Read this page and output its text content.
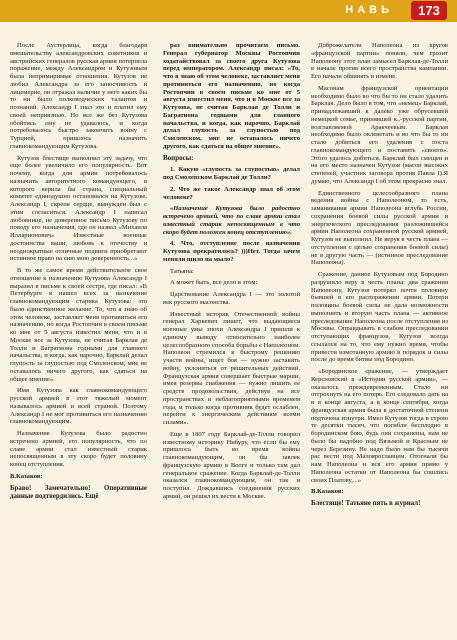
НАВЬ	173

После Аустерлица, когда благодаря вмешательству александровских советников и австрийских генералов русская армия потерпела поражение, между Александром и Кутузовым была непримиримые отношения. Кутузов не любил Александра за его заносчивость и лицемерие, он отражал наличие у него каких бы то ни было полководческих талантов и познаний. Александр I знал это и платил ему своей неприязнью. Но все же без Кутузова обойтись ему не удавалось, и когда потребовалось быстро закончить войну с Турцией, пришлось назначить главнокомандующим Кутузова.

Кутузов блестяще выполнил эту задачу, что еще более увеличило его популярность. Вот почему, когда для армии потребовалось назначить авторитетного командующего, в которого верила бы страна, специальный комитет единодушно остановился на Кутузове. Александр I, скрепя сердце, вынужден был с этим согласиться. Александр I написал любовнице, не доверенное письмо Кутузову по поводу его назначения, где он назвал «Михаила Илларионович» Известные военные достоинства ваши, любовь к отечеству и неоднократные отличные подвиги приобретают истинное право на сию мою доверенность...»

В то же самое время действительное свое отношение к назначению Кутузова Александр I выразил в письме к своей сестре, где писал: «В Петербурге я нашел всех за назначение главнокомандующим старика Кутузова: это было единственное желание. То, что я знаю об этом человеке, заставляет меня противиться его назначению, но когда Ростопчин в своем письме ко мне от 5 августа известил меня, что и в Москве все за Кутузова, не считая Барклая де Толли и Багратиона годными для главного начальства, и когда, как нарочно, Барклай делал глупость за глупостью под Смоленском, мне не оставалось ничего другого, как сдаться на общее мнение».

Имя Кутузова как главнокомандующего русской армией в этот тяжелый момент называлось армией и всей страной. Поэтому Александр I не мог противиться его назначению главнокомандующим.

Назначение Кутузова было радостно встречено армией, его популярность, что по славе армии стал известный старик непосвященным в эту скоро будет половину конец отступления.

В.Казаков:

Браво! Замечательно! Оперативные данные подтвердились. Ещё

раз внимательно прочитаем письмо. Генерал губернатор Москвы Ростопчин ходатайствовал за своего друга Кутузова перед императором. Александр писал: «То, что я знаю об этом человеке, заставляет меня противиться его назначению, но когда Ростопчин в своем письме ко мне от 5 августа известил меня, что и в Москве все за Кутузова, не считая Барклая де Толли и Багратиона годными для главного начальства, и когда, как нарочно, Барклай делал глупость за глупостью под Смоленском, мне не оставалось ничего другого, как сдаться на общее мнение».

Вопросы:

1. Какую «глупость за глупостью» делал под Смоленском Барклай де Толли?

2. Что же такое Александр знал об этом человеке?

«Назначение Кутузова было радостно встречено армией, что по славе армии стал известный старик непосвященным в что скоро будет положен конец отступлению».

4. Что, отступление после назначения Кутузова прекратилось? )))Нет. Тогда зачем меняли шило на мыло?

Татьяна:

А может быть, все дело в этом:

Царствование Александра I — это золотой век русского масонства.

Известный историк Отечественной войны генерал Харкевич пишет, что выдающиеся военные умы эпохи Александра I пришли к единому выводу относительно наиболее целесообразного способа борьбы с Наполеоном. Наполеон стремился к быстрому решению участи войны, ищет боя — нужно заставить войну, уклониться от решительных действий. Французская армия совершает быстрые марши, имея резервы снабжения — нужно лишить ее средств продовольствия, действуя на все пространствах и неблагоприятными временем года, и только когда противник будет ослаблен, перейти к энергическим действиям всеми силами».

Еще в 1807 году Барклай-де-Толли говорил известному историку Нибуру, что если бы ему пришлось быть во время войны главнокомандующим, он бы завлек французскую армию в Волге и только там дал генеральное сражение. Когда Барклай-де-Толли оказался главнокомандующим, он так и поступил. Дождавшись соединения русских армий, он решил их вести к Москве.

Доброжелатели Наполеона из кругов «французской партии» поняли, чем грозит Наполеону этот план замысел Барклая-де-Толли в начале против всего пространства кампании. Его начали обвинять в измене.

Масонам французской ориентации необходимо было во что бы то ни стало удалить Барклая. Дело было в том, что «немец» Барклай, принадлежавший к далеко уже обрусевшей немецкой семье, принявшей к..-русской партии, возглавляемой Аракчеевым. Барклая необходимо было оклеветать и во что бы то ни стало добиться его удаления с поста главнокомандующего и поставить «своего». Этого удалось добиться. Барклай был смещен и на его место назначен Кутузов (масон высоких степеней, участник заговора против Павла I).Я думаю, что Александр I об этом прекрасно знал.

Единственного целесообразного плана ведения войны с Наполеоном, то есть, заманивания армии Наполеона вглубь России, сохранения боевой силы русской армии и энергического преследования разложившейся армии Наполеона сохраненной русской армией, Кутузов не выполнил. Не веруя в честь плана — отступления с целью сохранения боевой силы) не в другую часть — (истинное преследование Наполеона).

Сражение, данное Кутузовым под Бородино разрушило веру в честь плана: два сражения Наполеону, Кутузов потерял почти половину бывшей в его распоряжении армии. Потери половины боевой силы не дала возможности выполнить и вторую часть плана — активное преследование Наполеона после отступления из Москвы. Оправдывать в слабом преследовании отступающих французов, Кутузов всегда ссылался на то, что ему нужно время, чтобы привести измотанную армию в порядок и силы после до время битвы под Бородино.

«Бородинское сражение, — утверждает Керсновский в «Истории русской армии», — оказалось преждевременным. Стало ни отгрохнуть на его потерь. Его следовало дать на и в конце августа, а в конце сентября, когда французская армия была в достаточной степени подточена изнутри. Имел Кутузов тогда в строю те десятки тысяч, что погибли бесплодно в бородинском бою, будь они сохранены, нам не было бы надобно под Вязьмой и Красным не через Березину. Не надо было нам бы тысячи рас вести под Малоярославцем. Отогнали бы нам Наполеона и вся его армия прямо у Наполеона остатки от Наполеона бы сошлись своих Платову,...»

В.Казаков:

Блестяще! Татьяне пять в журнал!
